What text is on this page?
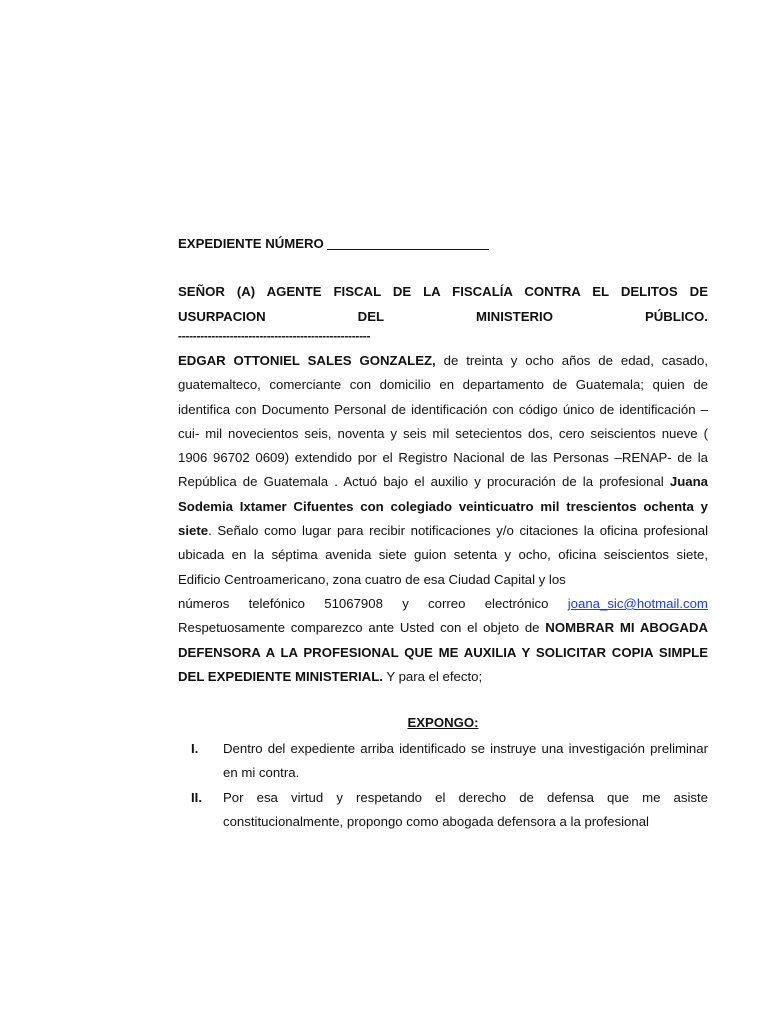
EXPEDIENTE NÚMERO
SEÑOR (A) AGENTE FISCAL DE LA FISCALÍA CONTRA EL DELITOS DE
USURPACION	DEL	MINISTERIO	PÚBLICO.
----------------------------------------------------
EDGAR OTTONIEL SALES GONZALEZ, de treinta y ocho años de edad, casado, guatemalteco, comerciante con domicilio en departamento de Guatemala; quien de identifica con Documento Personal de identificación con código único de identificación –cui- mil novecientos seis, noventa y seis mil setecientos dos, cero seiscientos nueve ( 1906 96702 0609) extendido por el Registro Nacional de las Personas –RENAP- de la República de Guatemala . Actuó bajo el auxilio y procuración de la profesional Juana Sodemia Ixtamer Cifuentes con colegiado veinticuatro mil trescientos ochenta y siete. Señalo como lugar para recibir notificaciones y/o citaciones la oficina profesional ubicada en la séptima avenida siete guion setenta y ocho, oficina seiscientos siete, Edificio Centroamericano, zona cuatro de esa Ciudad Capital y los
números telefónico 51067908 y correo electrónico joana_sic@hotmail.com
Respetuosamente comparezco ante Usted con el objeto de NOMBRAR MI ABOGADA DEFENSORA A LA PROFESIONAL QUE ME AUXILIA Y SOLICITAR COPIA SIMPLE DEL EXPEDIENTE MINISTERIAL. Y para el efecto;
EXPONGO:
I.	Dentro del expediente arriba identificado se instruye una investigación preliminar en mi contra.
II.	Por esa virtud y respetando el derecho de defensa que me asiste constitucionalmente, propongo como abogada defensora a la profesional
